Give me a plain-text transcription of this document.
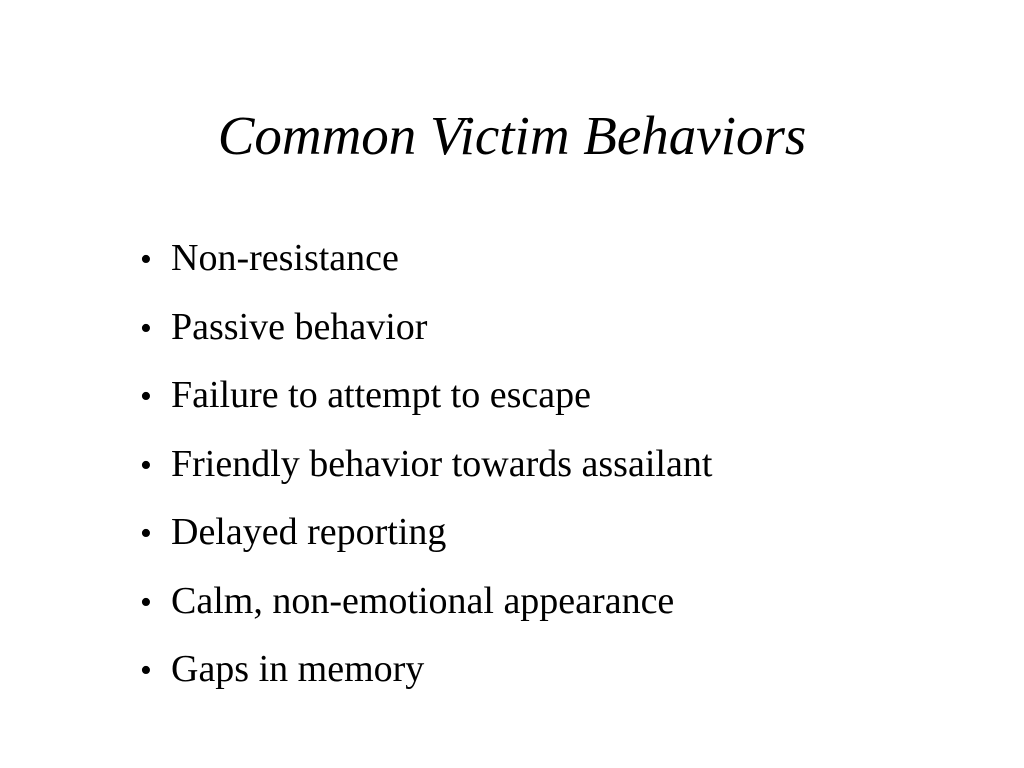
Common Victim Behaviors
• Non-resistance
• Passive behavior
• Failure to attempt to escape
• Friendly behavior towards assailant
• Delayed reporting
• Calm, non-emotional appearance
• Gaps in memory
